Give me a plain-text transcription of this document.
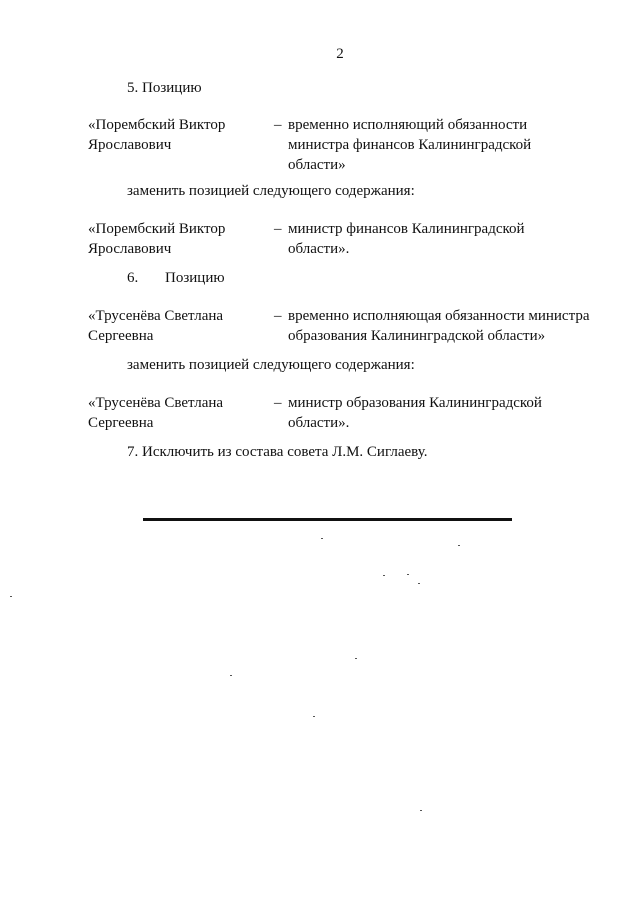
2
5. Позицию
«Порембский Виктор
Ярославович
– временно исполняющий обязанности
министра финансов Калининградской
области»
заменить позицией следующего содержания:
«Порембский Виктор
Ярославович
– министр финансов Калининградской
области».
6. Позицию
«Трусенёва Светлана
Сергеевна
– временно исполняющая обязанности министра
образования Калининградской области»
заменить позицией следующего содержания:
«Трусенёва Светлана
Сергеевна
– министр образования Калининградской
области».
7. Исключить из состава совета Л.М. Сиглаеву.
